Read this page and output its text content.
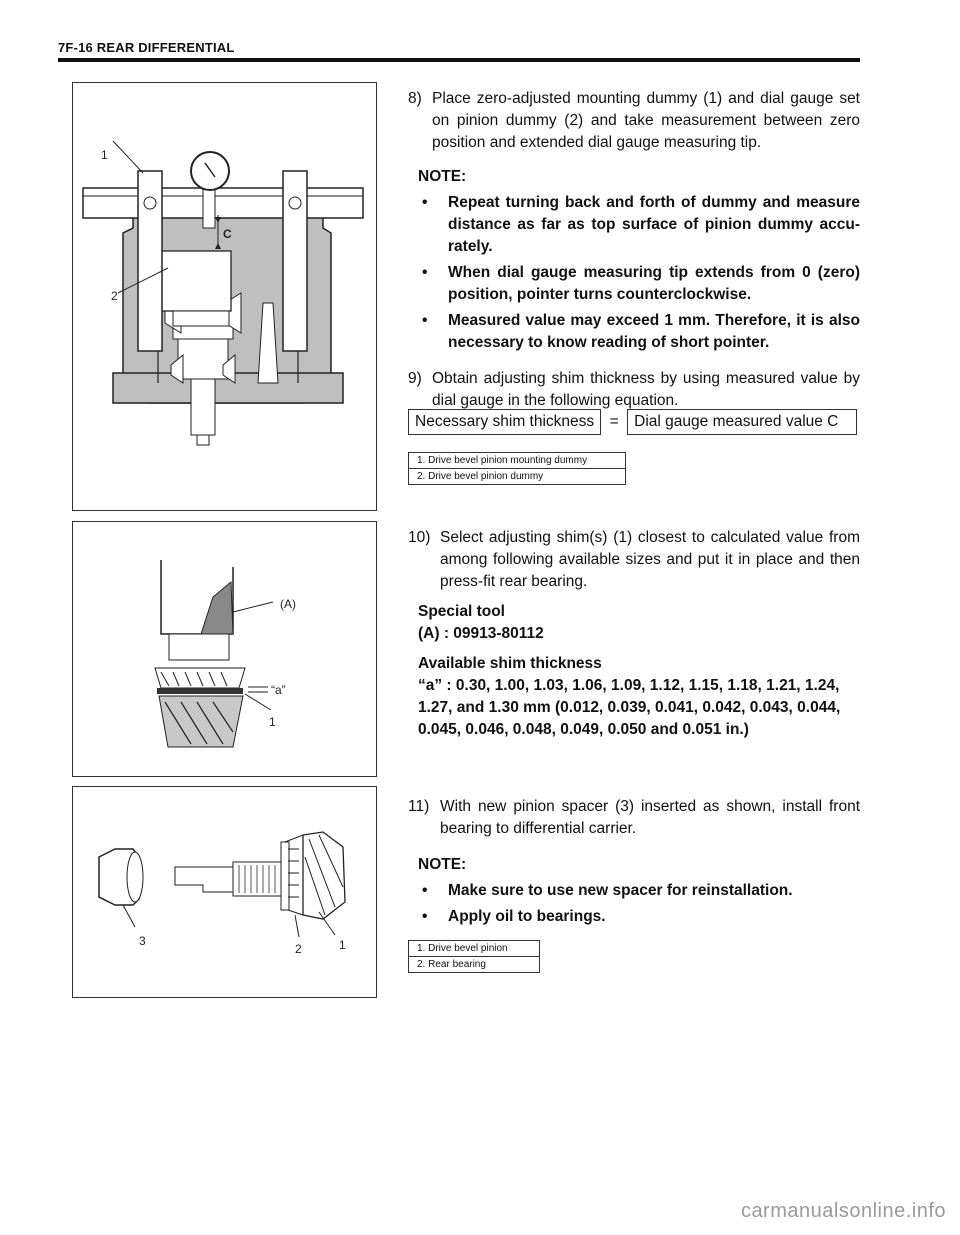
7F-16 REAR DIFFERENTIAL
1
2
C
8) Place zero-adjusted mounting dummy (1) and dial gauge set on pinion dummy (2) and take measurement between zero position and extended dial gauge measuring tip.
NOTE:
•	Repeat turning back and forth of dummy and measure distance as far as top surface of pinion dummy accu-rately.
•	When dial gauge measuring tip extends from 0 (zero) position, pointer turns counterclockwise.
•	Measured value may exceed 1 mm. Therefore, it is also necessary to know reading of short pointer.
9) Obtain adjusting shim thickness by using measured value by dial gauge in the following equation.
Necessary shim thickness = Dial gauge measured value C
1. Drive bevel pinion mounting dummy
2. Drive bevel pinion dummy
(A)
“a”
1
10) Select adjusting shim(s) (1) closest to calculated value from among following available sizes and put it in place and then press-fit rear bearing.
Special tool
(A) : 09913-80112
Available shim thickness
“a” : 0.30, 1.00, 1.03, 1.06, 1.09, 1.12, 1.15, 1.18, 1.21, 1.24, 1.27, and 1.30 mm (0.012, 0.039, 0.041, 0.042, 0.043, 0.044, 0.045, 0.046, 0.048, 0.049, 0.050 and 0.051 in.)
3
2	1
11) With new pinion spacer (3) inserted as shown, install front bearing to differential carrier.
NOTE:
•	Make sure to use new spacer for reinstallation.
•	Apply oil to bearings.
1. Drive bevel pinion
2. Rear bearing
carmanualsonline.info
